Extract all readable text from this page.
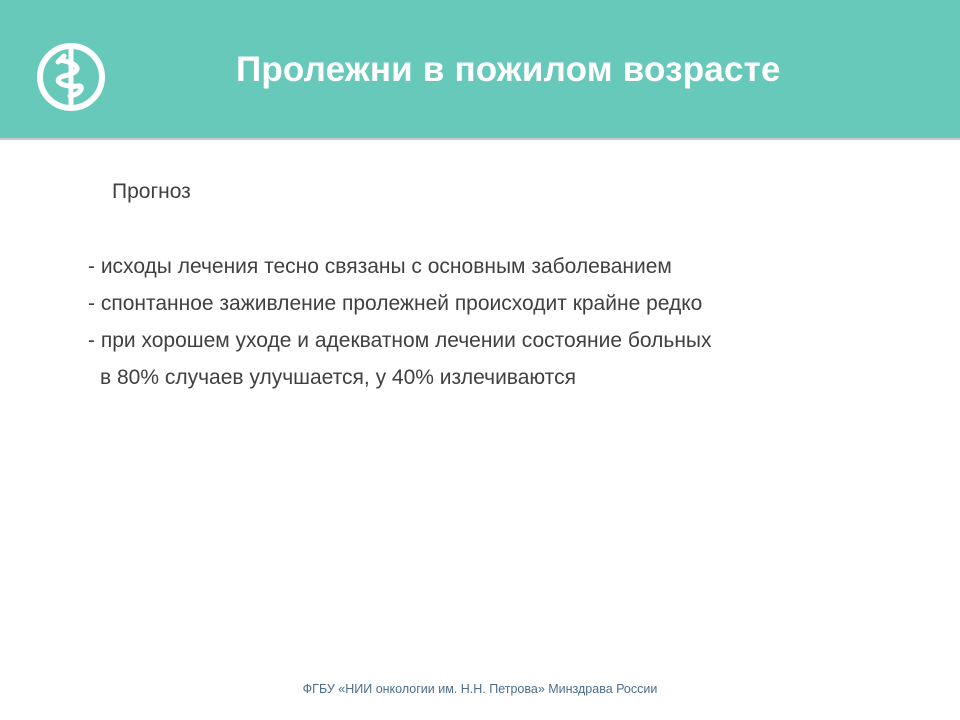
Пролежни в пожилом возрасте
Прогноз
- исходы лечения тесно связаны с основным заболеванием
- спонтанное заживление пролежней происходит крайне редко
- при хорошем уходе и адекватном лечении состояние больных
в 80% случаев улучшается, у 40% излечиваются
ФГБУ «НИИ онкологии им. Н.Н. Петрова» Минздрава России
